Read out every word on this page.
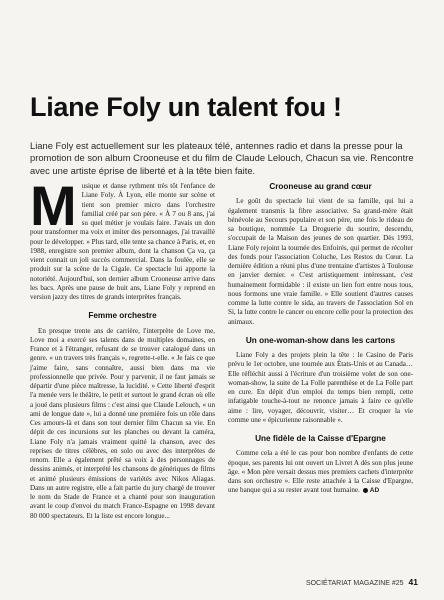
Liane Foly un talent fou !

Liane Foly est actuellement sur les plateaux télé, antennes radio et dans la presse pour la promotion de son album Crooneuse et du film de Claude Lelouch, Chacun sa vie. Rencontre avec une artiste éprise de liberté et à la tête bien faite.

M usique et danse rythment très tôt l'enfance de Liane Foly. À Lyon, elle monte sur scène et tient son premier micro dans l'orchestre familial créé par son père. « À 7 ou 8 ans, j'ai su quel métier je voulais faire. J'avais un don pour transformer ma voix et imiter des personnages, j'ai travaillé pour le développer. » Plus tard, elle tente sa chance à Paris, et, en 1988, enregistre son premier album, dont la chanson Ça va, ça vient connait un joli succès commercial. Dans la foulée, elle se produit sur la scène de la Cigale. Ce spectacle lui apporte la notoriété. Aujourd'hui, son dernier album Crooneuse arrive dans les bacs. Après une pause de huit ans, Liane Foly y reprend en version jazzy des titres de grands interprètes français.

Femme orchestre

En presque trente ans de carrière, l'interprète de Love me, Love moi a exercé ses talents dans de multiples domaines, en France et à l'étranger, refusant de se trouver catalogué dans un genre. « un travers très français », regrette-t-elle. « Je fais ce que j'aime faire, sans connaître, aussi bien dans ma vie professionnelle que privée. Pour y parvenir, il ne faut jamais se départir d'une pièce maîtresse, la lucidité. » Cette liberté d'esprit l'a menée vers le théâtre, le petit et surtout le grand écran où elle a joué dans plusieurs films : c'est ainsi que Claude Lelouch, « un ami de longue date », lui a donné une première fois un rôle dans Ces amours-là et dans son tout dernier film Chacun sa vie. En dépit de ces incursions sur les planches ou devant la caméra, Liane Foly n'a jamais vraiment quitté la chanson, avec des reprises de titres célèbres, en solo ou avec des interprètes de renom. Elle a également prêté sa voix à des personnages de dessins animés, et interprété les chansons de génériques de films et animé plusieurs émissions de variétés avec Nikos Aliagas. Dans un autre registre, elle a fait partie du jury chargé de trouver le nom du Stade de France et a chanté pour son inauguration avant le coup d'envoi du match France-Espagne en 1998 devant 80 000 spectateurs. Et la liste est encore longue...

Crooneuse au grand cœur

Le goût du spectacle lui vient de sa famille, qui lui a également transmis la fibre associative. Sa grand-mère était bénévole au Secours populaire et son père, une fois le rideau de sa boutique, nommée La Droguerie du sourire, descendu, s'occupait de la Maison des jeunes de son quartier. Dès 1993, Liane Foly rejoint la tournée des Enfoirés, qui permet de récolter des fonds pour l'association Coluche, Les Restos du Cœur. La dernière édition a réuni plus d'une trentaine d'artistes à Toulouse en janvier dernier. « C'est artistiquement intéressant, c'est humainement formidable : il existe un lien fort entre nous tous, nous formons une vraie famille. » Elle soutient d'autres causes comme la lutte contre le sida, au travers de l'association Sol en Si, la lutte contre le cancer ou encore celle pour la protection des animaux.

Un one-woman-show dans les cartons

Liane Foly a des projets plein la tête : le Casino de Paris prévu le 1er octobre, une tournée aux États-Unis et au Canada… Elle réfléchit aussi à l'écriture d'un troisième volet de son one-woman-show, la suite de La Folle parenthèse et de La Folle part en cure. En dépit d'un emploi du temps bien rempli, cette infatigable touche-à-tout ne renonce jamais à faire ce qu'elle aime : lire, voyager, découvrir, visiter… Et croquer la vie comme une « épicurienne raisonnable ».

Une fidèle de la Caisse d'Epargne

Comme cela a été le cas pour bon nombre d'enfants de cette époque, ses parents lui ont ouvert un Livret A dès son plus jeune âge. « Mon père versait dessus mes premiers cachets d'interprète dans son orchestre ». Elle reste attachée à la Caisse d'Epargne, une banque qui a su rester avant tout humaine. AD

SOCIÉTARIAT MAGAZINE #25 41
